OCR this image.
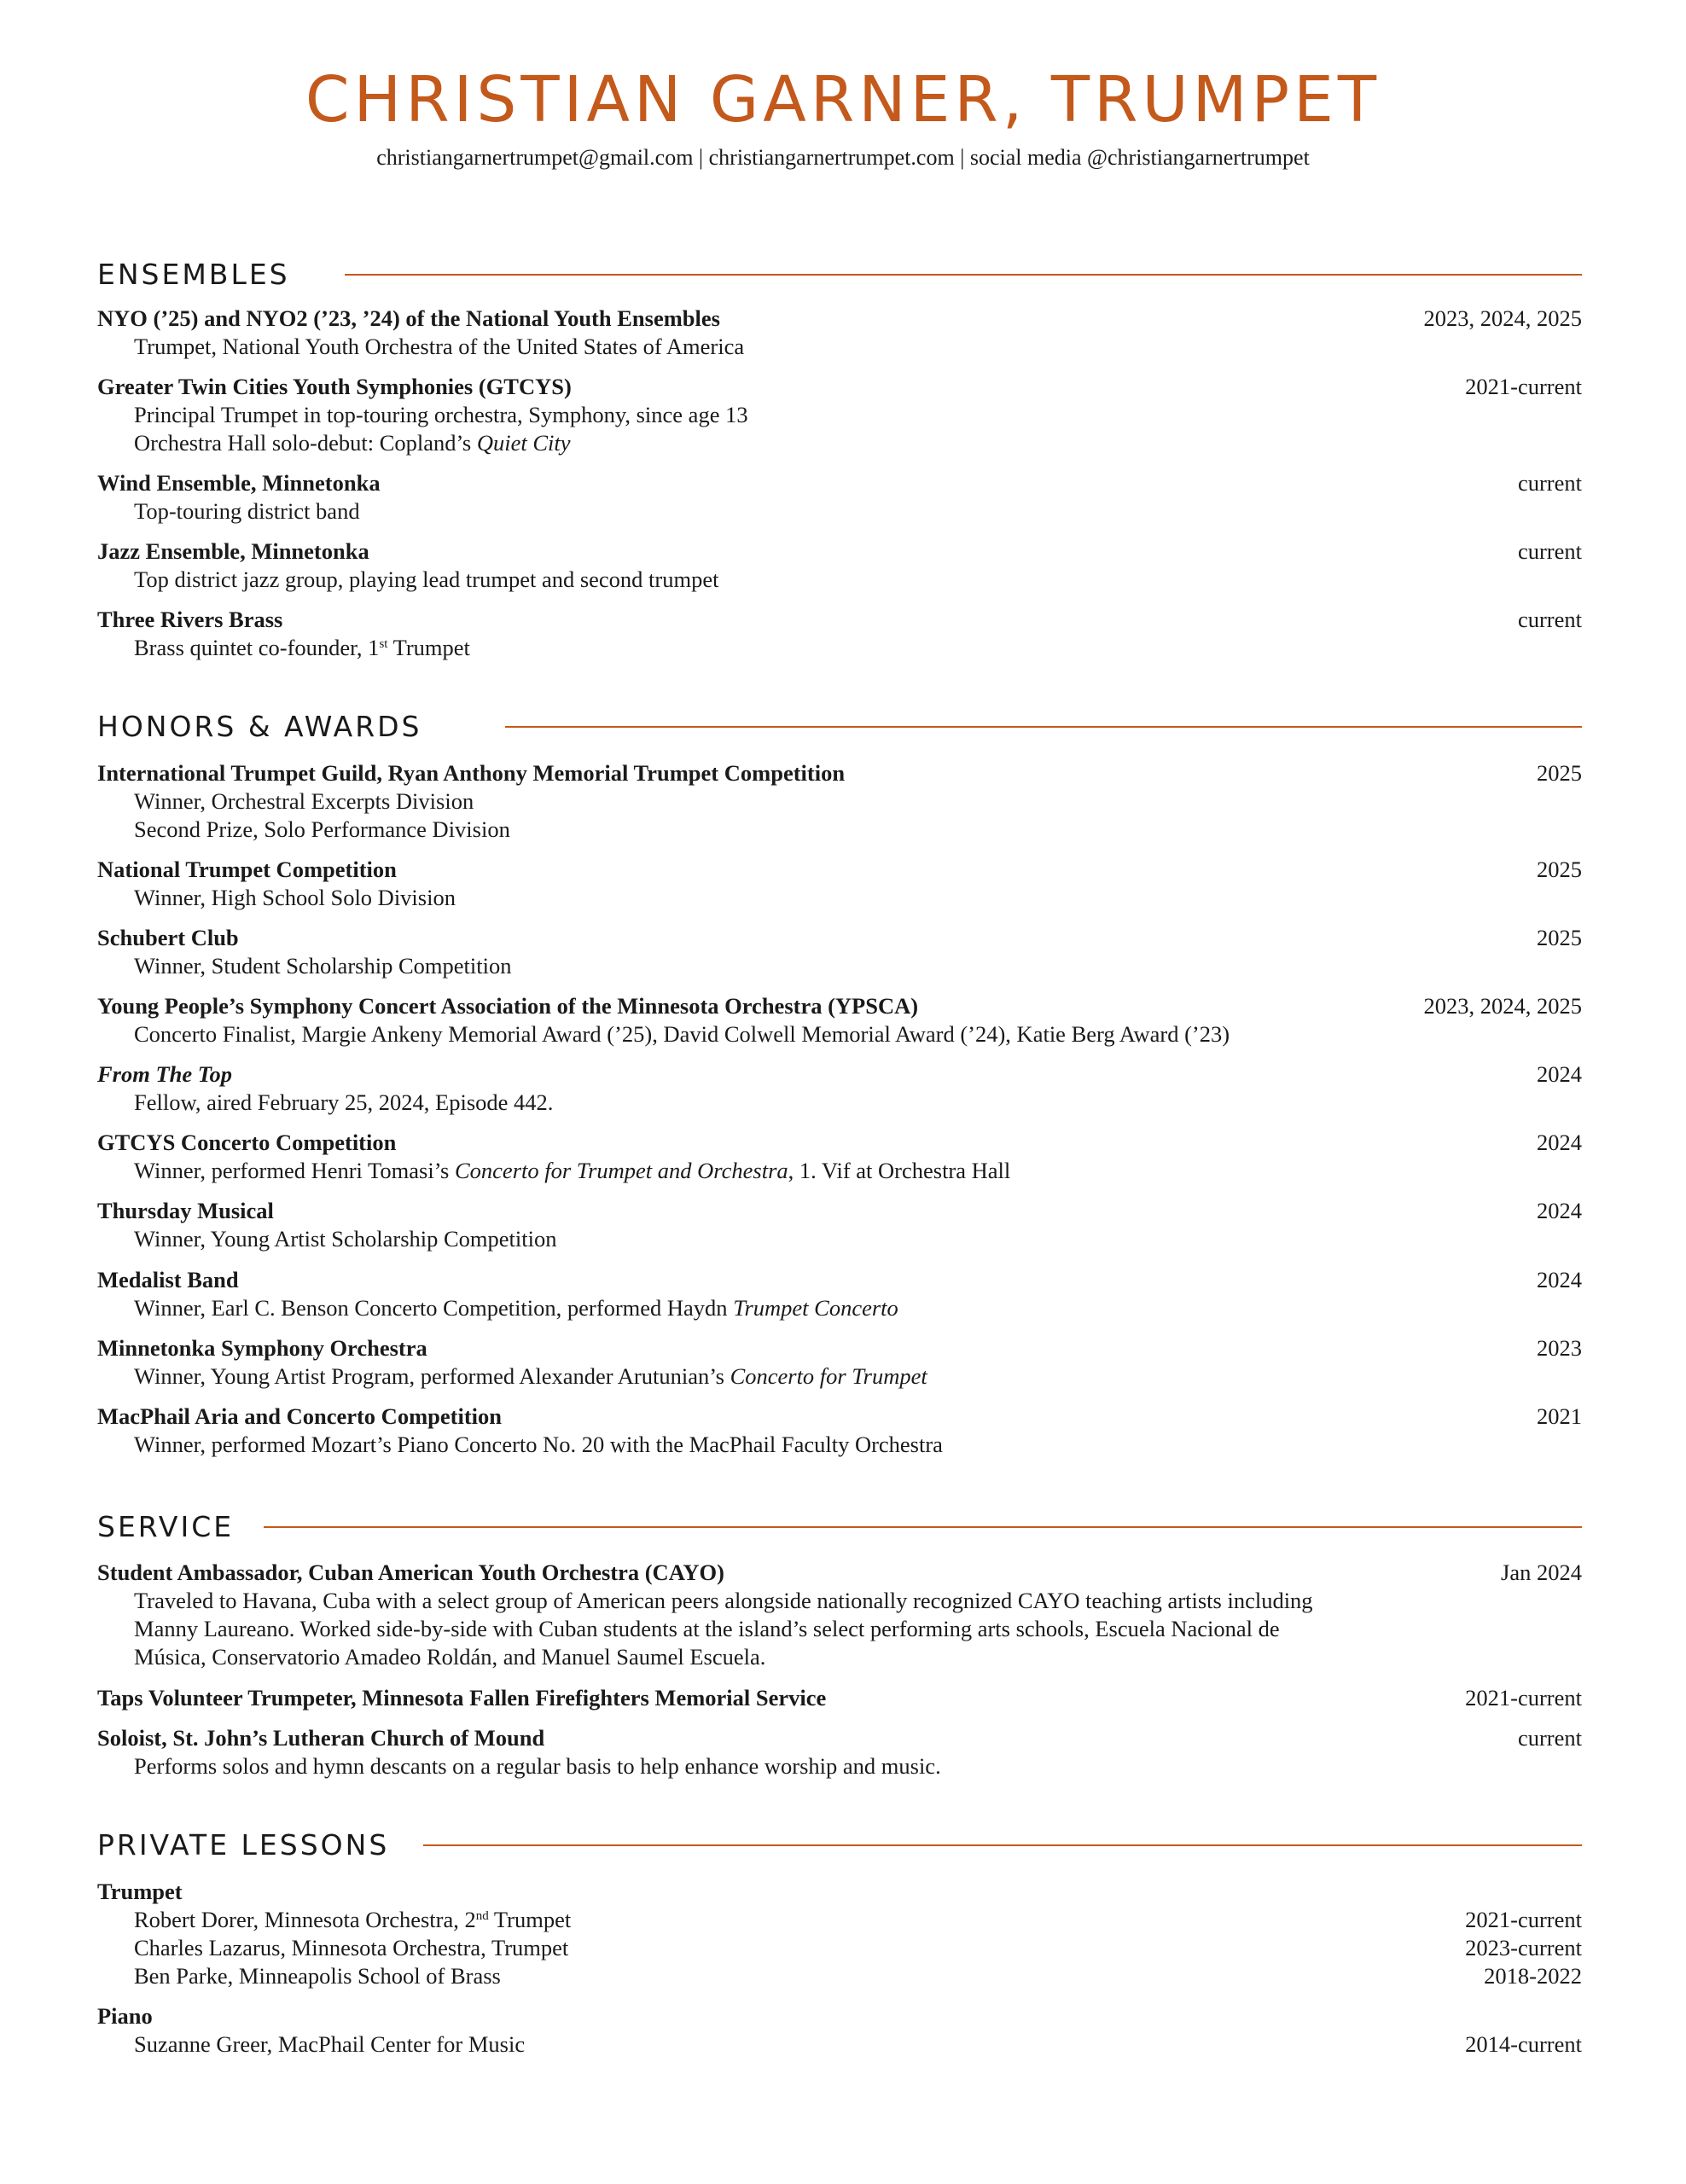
CHRISTIAN GARNER, TRUMPET
christiangarnertrumpet@gmail.com | christiangarnertrumpet.com | social media @christiangarnertrumpet
ENSEMBLES
NYO (’25) and NYO2 (’23, ’24) of the National Youth Ensembles	2023, 2024, 2025
Trumpet, National Youth Orchestra of the United States of America
Greater Twin Cities Youth Symphonies (GTCYS)	2021-current
Principal Trumpet in top-touring orchestra, Symphony, since age 13
Orchestra Hall solo-debut: Copland’s Quiet City
Wind Ensemble, Minnetonka	current
Top-touring district band
Jazz Ensemble, Minnetonka	current
Top district jazz group, playing lead trumpet and second trumpet
Three Rivers Brass	current
Brass quintet co-founder, 1st Trumpet
HONORS & AWARDS
International Trumpet Guild, Ryan Anthony Memorial Trumpet Competition	2025
Winner, Orchestral Excerpts Division
Second Prize, Solo Performance Division
National Trumpet Competition	2025
Winner, High School Solo Division
Schubert Club	2025
Winner, Student Scholarship Competition
Young People’s Symphony Concert Association of the Minnesota Orchestra (YPSCA)	2023, 2024, 2025
Concerto Finalist, Margie Ankeny Memorial Award (’25), David Colwell Memorial Award (’24), Katie Berg Award (’23)
From The Top	2024
Fellow, aired February 25, 2024, Episode 442.
GTCYS Concerto Competition	2024
Winner, performed Henri Tomasi’s Concerto for Trumpet and Orchestra, 1. Vif at Orchestra Hall
Thursday Musical	2024
Winner, Young Artist Scholarship Competition
Medalist Band	2024
Winner, Earl C. Benson Concerto Competition, performed Haydn Trumpet Concerto
Minnetonka Symphony Orchestra	2023
Winner, Young Artist Program, performed Alexander Arutunian’s Concerto for Trumpet
MacPhail Aria and Concerto Competition	2021
Winner, performed Mozart’s Piano Concerto No. 20 with the MacPhail Faculty Orchestra
SERVICE
Student Ambassador, Cuban American Youth Orchestra (CAYO)	Jan 2024
Traveled to Havana, Cuba with a select group of American peers alongside nationally recognized CAYO teaching artists including
Manny Laureano. Worked side-by-side with Cuban students at the island’s select performing arts schools, Escuela Nacional de
Música, Conservatorio Amadeo Roldán, and Manuel Saumel Escuela.
Taps Volunteer Trumpeter, Minnesota Fallen Firefighters Memorial Service	2021-current
Soloist, St. John’s Lutheran Church of Mound	current
Performs solos and hymn descants on a regular basis to help enhance worship and music.
PRIVATE LESSONS
Trumpet
Robert Dorer, Minnesota Orchestra, 2nd Trumpet	2021-current
Charles Lazarus, Minnesota Orchestra, Trumpet	2023-current
Ben Parke, Minneapolis School of Brass	2018-2022
Piano
Suzanne Greer, MacPhail Center for Music	2014-current
